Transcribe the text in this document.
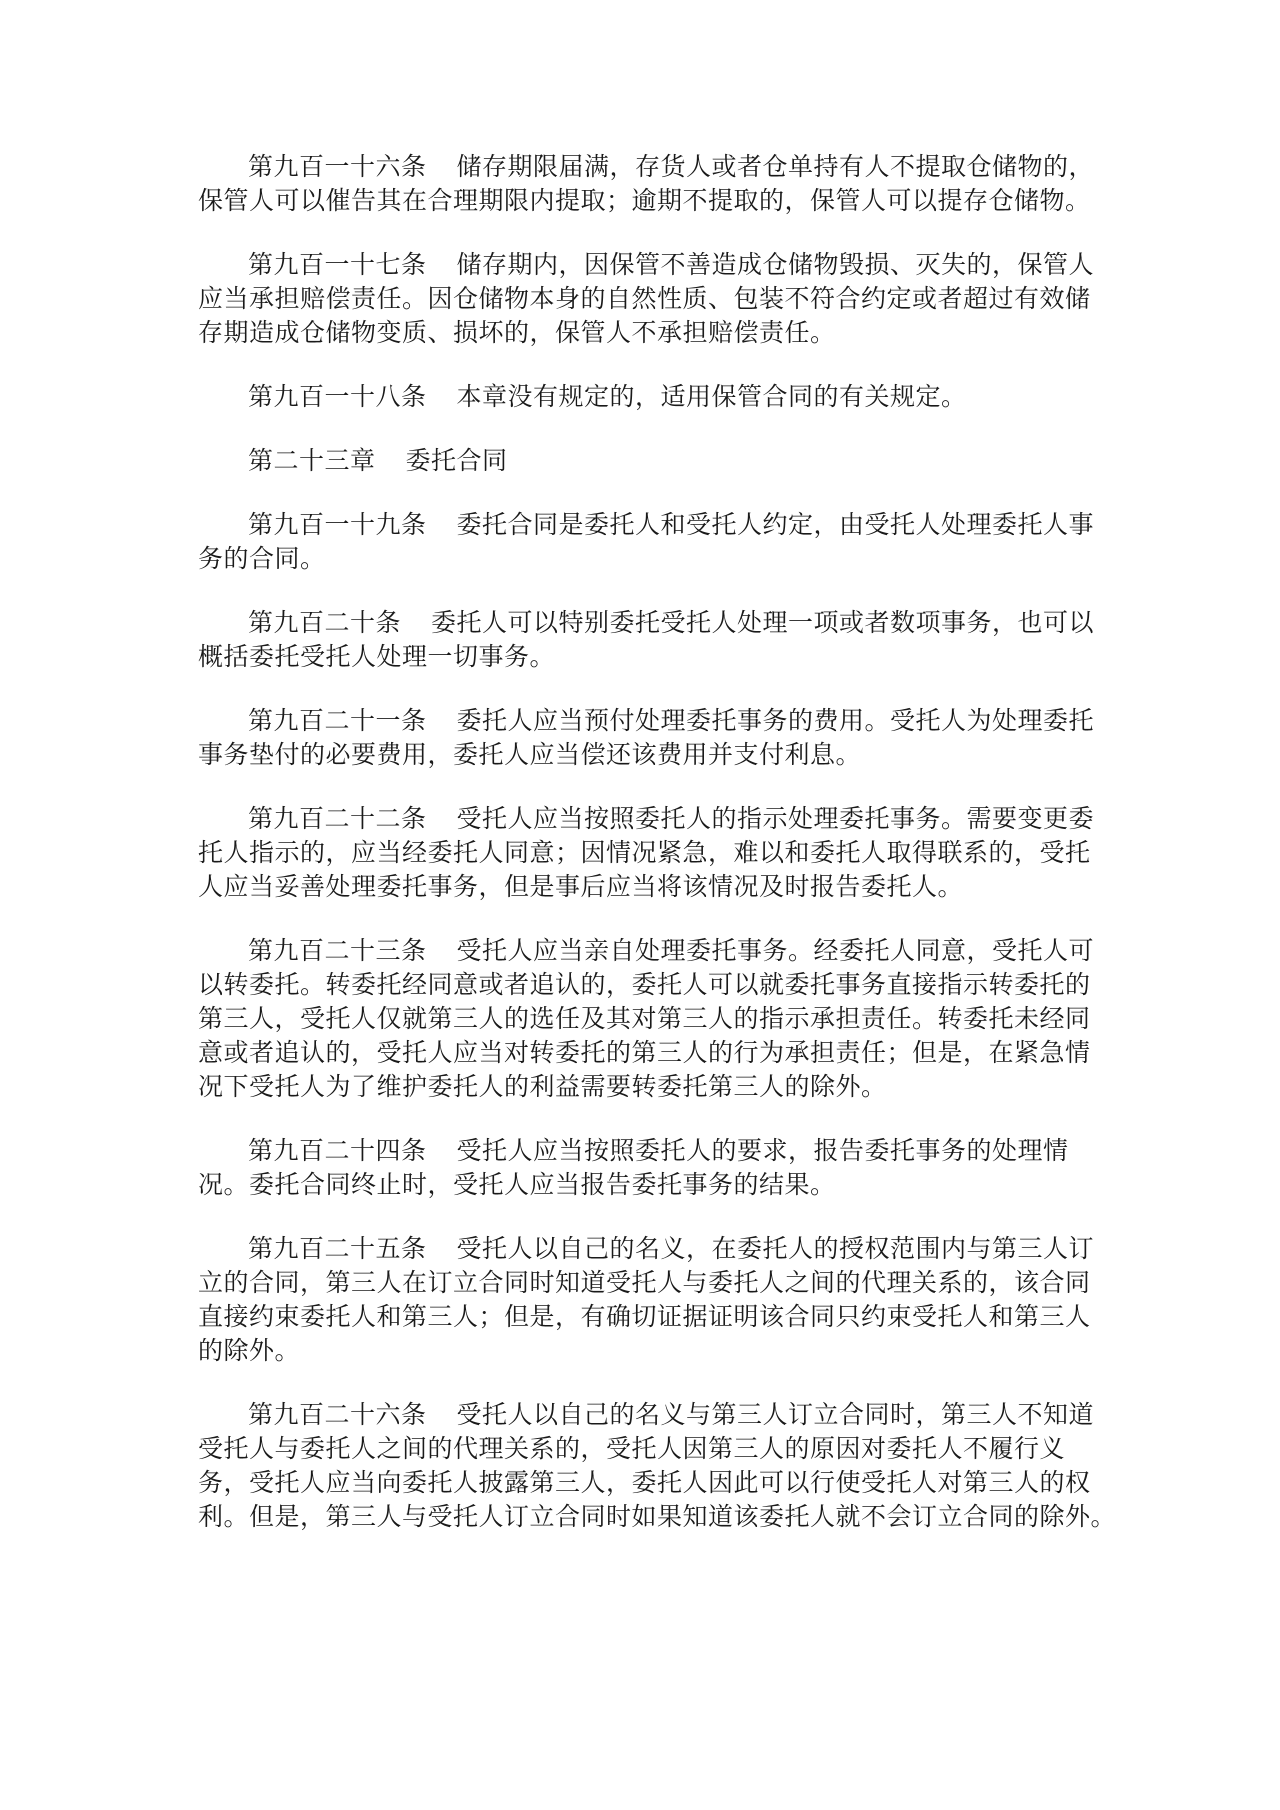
第九百一十六条 储存期限届满，存货人或者仓单持有人不提取仓储物的，
保管人可以催告其在合理期限内提取；逾期不提取的，保管人可以提存仓储物。

第九百一十七条 储存期内，因保管不善造成仓储物毁损、灭失的，保管人
应当承担赔偿责任。因仓储物本身的自然性质、包装不符合约定或者超过有效储
存期造成仓储物变质、损坏的，保管人不承担赔偿责任。

第九百一十八条 本章没有规定的，适用保管合同的有关规定。

第二十三章 委托合同

第九百一十九条 委托合同是委托人和受托人约定，由受托人处理委托人事
务的合同。

第九百二十条 委托人可以特别委托受托人处理一项或者数项事务，也可以
概括委托受托人处理一切事务。

第九百二十一条 委托人应当预付处理委托事务的费用。受托人为处理委托
事务垫付的必要费用，委托人应当偿还该费用并支付利息。

第九百二十二条 受托人应当按照委托人的指示处理委托事务。需要变更委
托人指示的，应当经委托人同意；因情况紧急，难以和委托人取得联系的，受托
人应当妥善处理委托事务，但是事后应当将该情况及时报告委托人。

第九百二十三条 受托人应当亲自处理委托事务。经委托人同意，受托人可
以转委托。转委托经同意或者追认的，委托人可以就委托事务直接指示转委托的
第三人，受托人仅就第三人的选任及其对第三人的指示承担责任。转委托未经同
意或者追认的，受托人应当对转委托的第三人的行为承担责任；但是，在紧急情
况下受托人为了维护委托人的利益需要转委托第三人的除外。

第九百二十四条 受托人应当按照委托人的要求，报告委托事务的处理情
况。委托合同终止时，受托人应当报告委托事务的结果。

第九百二十五条 受托人以自己的名义，在委托人的授权范围内与第三人订
立的合同，第三人在订立合同时知道受托人与委托人之间的代理关系的，该合同
直接约束委托人和第三人；但是，有确切证据证明该合同只约束受托人和第三人
的除外。

第九百二十六条 受托人以自己的名义与第三人订立合同时，第三人不知道
受托人与委托人之间的代理关系的，受托人因第三人的原因对委托人不履行义
务，受托人应当向委托人披露第三人，委托人因此可以行使受托人对第三人的权
利。但是，第三人与受托人订立合同时如果知道该委托人就不会订立合同的除外。
